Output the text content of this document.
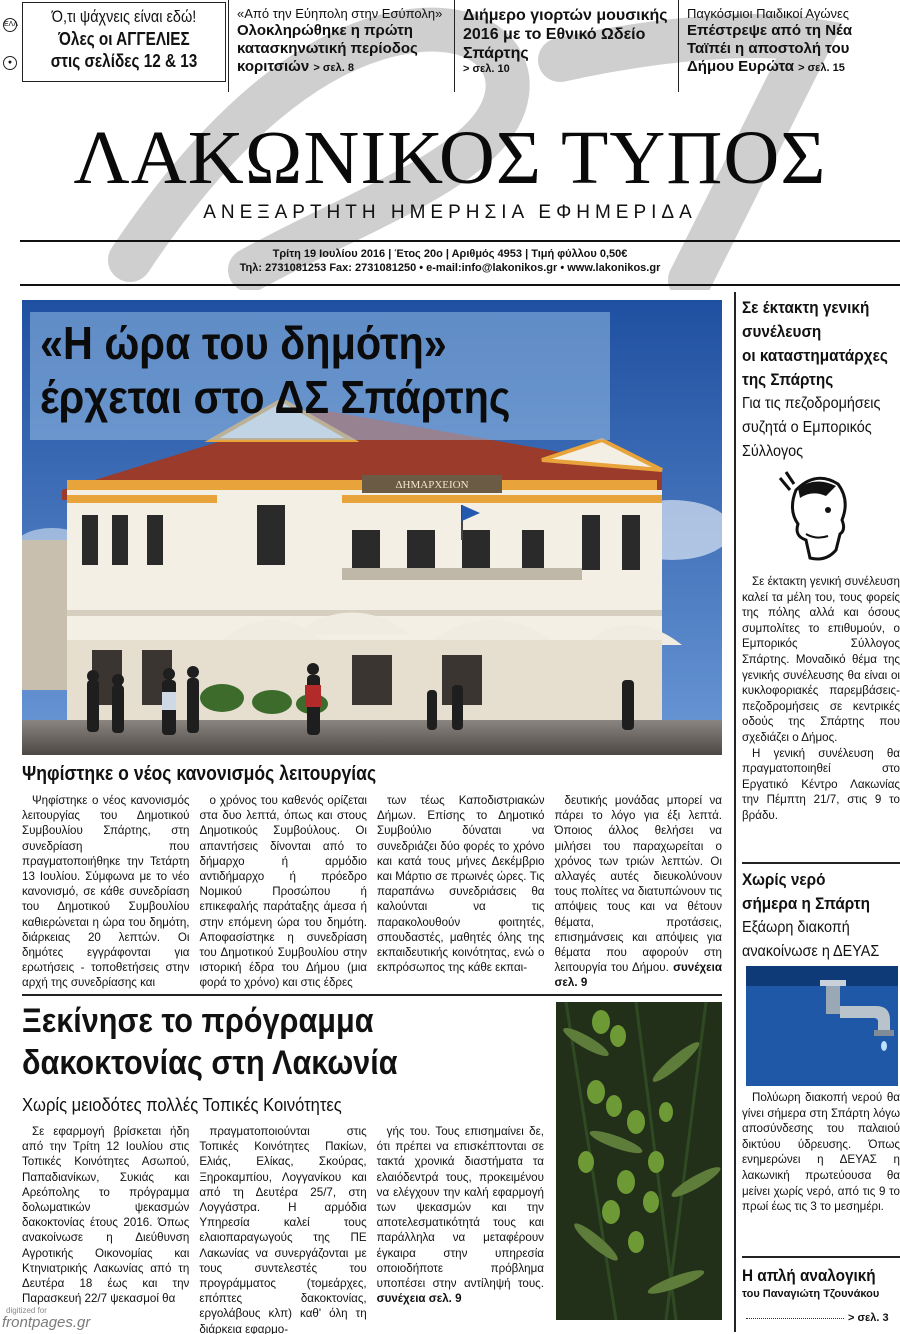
ΕΛΛ
●
Ό,τι ψάχνεις είναι εδώ!
Όλες οι ΑΓΓΕΛΙΕΣ
στις σελίδες 12 & 13
«Από την Εύηπολη στην Εσύπολη»
Ολοκληρώθηκε η πρώτη κατασκηνωτική περίοδος κοριτσιών > σελ. 8
Διήμερο γιορτών μουσικής 2016 με το Εθνικό Ωδείο Σπάρτης
> σελ. 10
Παγκόσμιοι Παιδικοί Αγώνες
Επέστρεψε από τη Νέα Ταϊπέι η αποστολή του Δήμου Ευρώτα > σελ. 15
ΛΑΚΩΝΙΚΟΣ ΤΥΠΟΣ
ΑΝΕΞΑΡΤΗΤΗ ΗΜΕΡΗΣΙΑ ΕΦΗΜΕΡΙΔΑ
Τρίτη 19 Ιουλίου 2016 | Έτος 20ο | Αριθμός 4953 | Τιμή φύλλου 0,50€
Τηλ: 2731081253 Fax: 2731081250 • e-mail:info@lakonikos.gr • www.lakonikos.gr
ΔΗΜΑΡΧΕΙΟΝ
«Η ώρα του δημότη»
έρχεται στο ΔΣ Σπάρτης
Ψηφίστηκε ο νέος κανονισμός λειτουργίας

Ψηφίστηκε ο νέος κανονισμός λειτουργίας του Δημοτικού Συμβουλίου Σπάρτης, στη συνεδρίαση που πραγματοποιήθηκε την Τετάρτη 13 Ιουλίου. Σύμφωνα με το νέο κανονισμό, σε κάθε συνεδρίαση του Δημοτικού Συμβουλίου καθιερώνεται η ώρα του δημότη, διάρκειας 20 λεπτών. Οι δημότες εγγράφονται για ερωτήσεις - τοποθετήσεις στην αρχή της συνεδρίασης και

ο χρόνος του καθενός ορίζεται στα δυο λεπτά, όπως και στους Δημοτικούς Συμβούλους. Οι απαντήσεις δίνονται από το δήμαρχο ή αρμόδιο αντιδήμαρχο ή πρόεδρο Νομικού Προσώπου ή επικεφαλής παράταξης άμεσα ή στην επόμενη ώρα του δημότη. Αποφασίστηκε η συνεδρίαση του Δημοτικού Συμβουλίου στην ιστορική έδρα του Δήμου (μια φορά το χρόνο) και στις έδρες

των τέως Καποδιστριακών Δήμων. Επίσης το Δημοτικό Συμβούλιο δύναται να συνεδριάζει δύο φορές το χρόνο και κατά τους μήνες Δεκέμβριο και Μάρτιο σε πρωινές ώρες. Τις παραπάνω συνεδριάσεις θα καλούνται να τις παρακολουθούν φοιτητές, σπουδαστές, μαθητές όλης της εκπαιδευτικής κοινότητας, ενώ ο εκπρόσωπος της κάθε εκπαι-

δευτικής μονάδας μπορεί να πάρει το λόγο για έξι λεπτά. Όποιος άλλος θελήσει να μιλήσει του παραχωρείται ο χρόνος των τριών λεπτών. Οι αλλαγές αυτές διευκολύνουν τους πολίτες να διατυπώνουν τις απόψεις τους και να θέτουν θέματα, προτάσεις, επισημάνσεις και απόψεις για θέματα που αφορούν στη λειτουργία του Δήμου. συνέχεια σελ. 9

Ξεκίνησε το πρόγραμμα δακοκτονίας στη Λακωνία
Χωρίς μειοδότες πολλές Τοπικές Κοινότητες

Σε εφαρμογή βρίσκεται ήδη από την Τρίτη 12 Ιουλίου στις Τοπικές Κοινότητες Ασωπού, Παπαδιανίκων, Συκιάς και Αρεόπολης το πρόγραμμα δολωματικών ψεκασμών δακοκτονίας έτους 2016. Όπως ανακοίνωσε η Διεύθυνση Αγροτικής Οικονομίας και Κτηνιατρικής Λακωνίας από τη Δευτέρα 18 έως και την Παρασκευή 22/7 ψεκασμοί θα

πραγματοποιούνται στις Τοπικές Κοινότητες Πακίων, Ελιάς, Ελίκας, Σκούρας, Ξηροκαμπίου, Λογγανίκου και από τη Δευτέρα 25/7, στη Λογγάστρα. Η αρμόδια Υπηρεσία καλεί τους ελαιοπαραγωγούς της ΠΕ Λακωνίας να συνεργάζονται με τους συντελεστές του προγράμματος (τομεάρχες, επόπτες δακοκτονίας, εργολάβους κλπ) καθ' όλη τη διάρκεια εφαρμο-

γής του. Τους επισημαίνει δε, ότι πρέπει να επισκέπτονται σε τακτά χρονικά διαστήματα τα ελαιόδεντρά τους, προκειμένου να ελέγχουν την καλή εφαρμογή των ψεκασμών και την αποτελεσματικότητά τους και παράλληλα να μεταφέρουν έγκαιρα στην υπηρεσία οποιοδήποτε πρόβλημα υποπέσει στην αντίληψή τους. συνέχεια σελ. 9

Σε έκτακτη γενική
συνέλευση
οι καταστηματάρχες
της Σπάρτης
Για τις πεζοδρομήσεις
συζητά ο Εμπορικός
Σύλλογος

Σε έκτακτη γενική συνέλευση καλεί τα μέλη του, τους φορείς της πόλης αλλά και όσους συμπολίτες το επιθυμούν, ο Εμπορικός Σύλλογος Σπάρτης. Μοναδικό θέμα της γενικής συνέλευσης θα είναι οι κυκλοφοριακές παρεμβάσεις- πεζοδρομήσεις σε κεντρικές οδούς της Σπάρτης που σχεδιάζει ο Δήμος.

Η γενική συνέλευση θα πραγματοποιηθεί στο Εργατικό Κέντρο Λακωνίας την Πέμπτη 21/7, στις 9 το βράδυ.

Χωρίς νερό
σήμερα η Σπάρτη
Εξάωρη διακοπή
ανακοίνωσε η ΔΕΥΑΣ

Πολύωρη διακοπή νερού θα γίνει σήμερα στη Σπάρτη λόγω αποσύνδεσης του παλαιού δικτύου ύδρευσης. Όπως ενημερώνει η ΔΕΥΑΣ η λακωνική πρωτεύουσα θα μείνει χωρίς νερό, από τις 9 το πρωί έως τις 3 το μεσημέρι.

Η απλή αναλογική
του Παναγιώτη Τζουνάκου
> σελ. 3
digitized for
frontpages.gr
